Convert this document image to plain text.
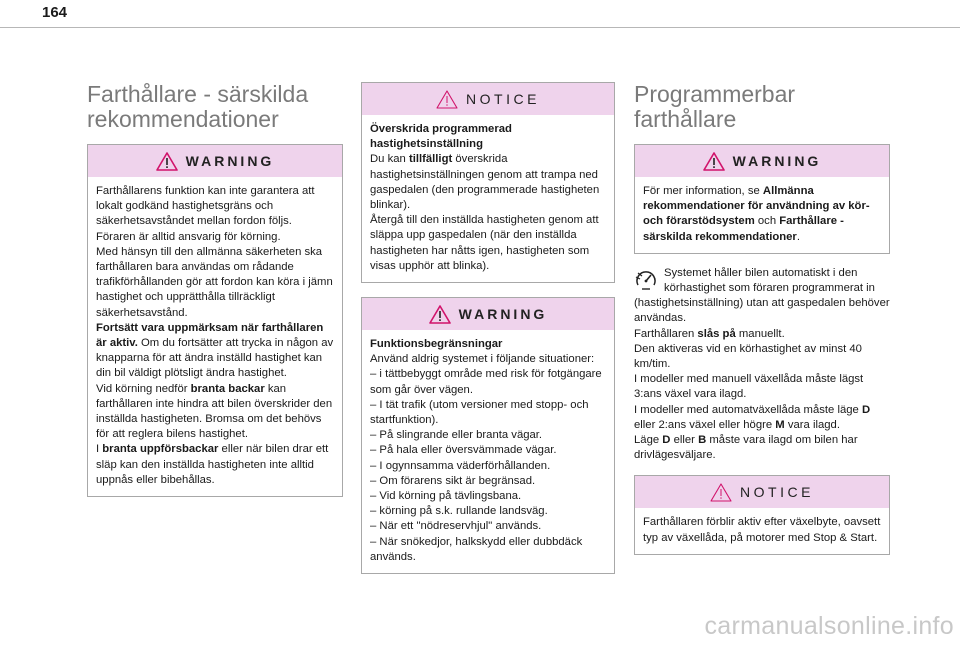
164
Farthållare - särskilda
rekommendationer
WARNING

Farthållarens funktion kan inte garantera att lokalt godkänd hastighetsgräns och säkerhetsavståndet mellan fordon följs.

Föraren är alltid ansvarig för körning.

Med hänsyn till den allmänna säkerheten ska farthållaren bara användas om rådande trafikförhållanden gör att fordon kan köra i jämn hastighet och upprätthålla tillräckligt säkerhetsavstånd.

Fortsätt vara uppmärksam när farthållaren är aktiv. Om du fortsätter att trycka in någon av knapparna för att ändra inställd hastighet kan din bil väldigt plötsligt ändra hastighet.

Vid körning nedför branta backar kan farthållaren inte hindra att bilen överskrider den inställda hastigheten. Bromsa om det behövs för att reglera bilens hastighet.

I branta uppförsbackar eller när bilen drar ett släp kan den inställda hastigheten inte alltid uppnås eller bibehållas.

NOTICE

Överskrida programmerad hastighetsinställning

Du kan tillfälligt överskrida hastighetsinställningen genom att trampa ned gaspedalen (den programmerade hastigheten blinkar).

Återgå till den inställda hastigheten genom att släppa upp gaspedalen (när den inställda hastigheten har nåtts igen, hastigheten som visas upphör att blinka).

WARNING

Funktionsbegränsningar

Använd aldrig systemet i följande situationer:

– i tättbebyggt område med risk för fotgängare som går över vägen.

– I tät trafik (utom versioner med stopp- och startfunktion).

– På slingrande eller branta vägar.

– På hala eller översvämmade vägar.

– I ogynnsamma väderförhållanden.

– Om förarens sikt är begränsad.

– Vid körning på tävlingsbana.

– körning på s.k. rullande landsväg.

– När ett "nödreservhjul" används.

– När snökedjor, halkskydd eller dubbdäck används.

Programmerbar
farthållare
WARNING

För mer information, se Allmänna rekommendationer för användning av kör- och förarstödsystem och Farthållare - särskilda rekommendationer.

Systemet håller bilen automatiskt i den körhastighet som föraren programmerat in (hastighetsinställning) utan att gaspedalen behöver användas.

Farthållaren slås på manuellt.

Den aktiveras vid en körhastighet av minst 40 km/tim.

I modeller med manuell växellåda måste lägst 3:ans växel vara ilagd.

I modeller med automatväxellåda måste läge D eller 2:ans växel eller högre M vara ilagd.

Läge D eller B måste vara ilagd om bilen har drivlägesväljare.

NOTICE

Farthållaren förblir aktiv efter växelbyte, oavsett typ av växellåda, på motorer med Stop & Start.

carmanualsonline.info
